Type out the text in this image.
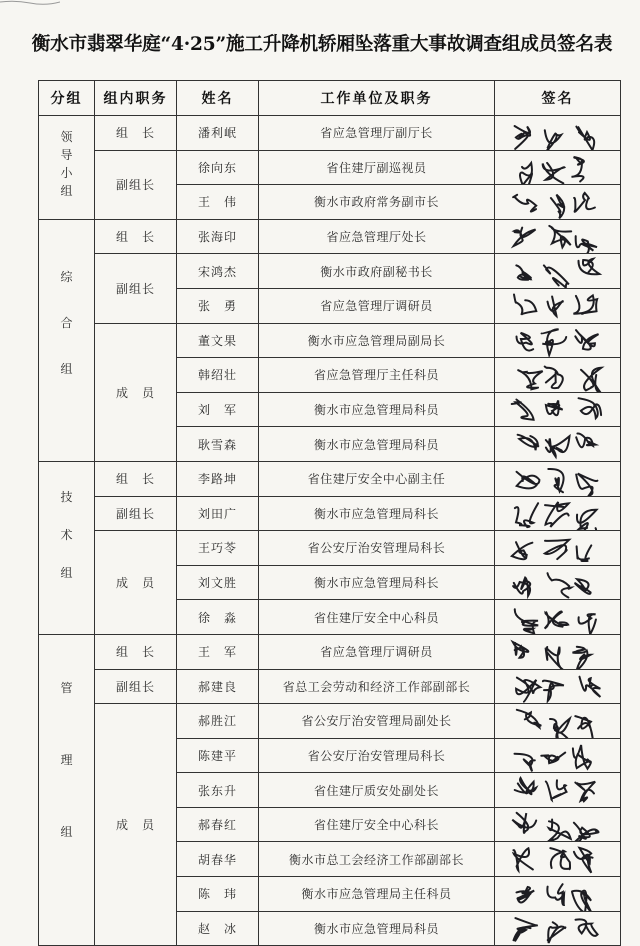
衡水市翡翠华庭“4·25”施工升降机轿厢坠落重大事故调查组成员签名表
分组	组内职务	姓名	工作单位及职务	签名

领
导
小
组	组　长	潘利岷	省应急管理厅副厅长	

	副组长	徐向东	省住建厅副巡视员	

		王　伟	衡水市政府常务副市长	

综
合
组	组　长	张海印	省应急管理厅处长	

	副组长	宋鸿杰	衡水市政府副秘书长	

		张　勇	省应急管理厅调研员	

	成　员	董文果	衡水市应急管理局副局长	

		韩绍壮	省应急管理厅主任科员	

		刘　军	衡水市应急管理局科员	

		耿雪森	衡水市应急管理局科员	

技
术
组	组　长	李路坤	省住建厅安全中心副主任	

	副组长	刘田广	衡水市应急管理局科长	

	成　员	王巧苓	省公安厅治安管理局科长	

		刘文胜	衡水市应急管理局科长	

		徐　淼	省住建厅安全中心科员	

管
理
组	组　长	王　军	省应急管理厅调研员	

	副组长	郝建良	省总工会劳动和经济工作部副部长	

	成　员	郝胜江	省公安厅治安管理局副处长	

		陈建平	省公安厅治安管理局科长	

		张东升	省住建厅质安处副处长	

		郝春红	省住建厅安全中心科长	

		胡春华	衡水市总工会经济工作部副部长	

		陈　玮	衡水市应急管理局主任科员	

		赵　冰	衡水市应急管理局科员	
